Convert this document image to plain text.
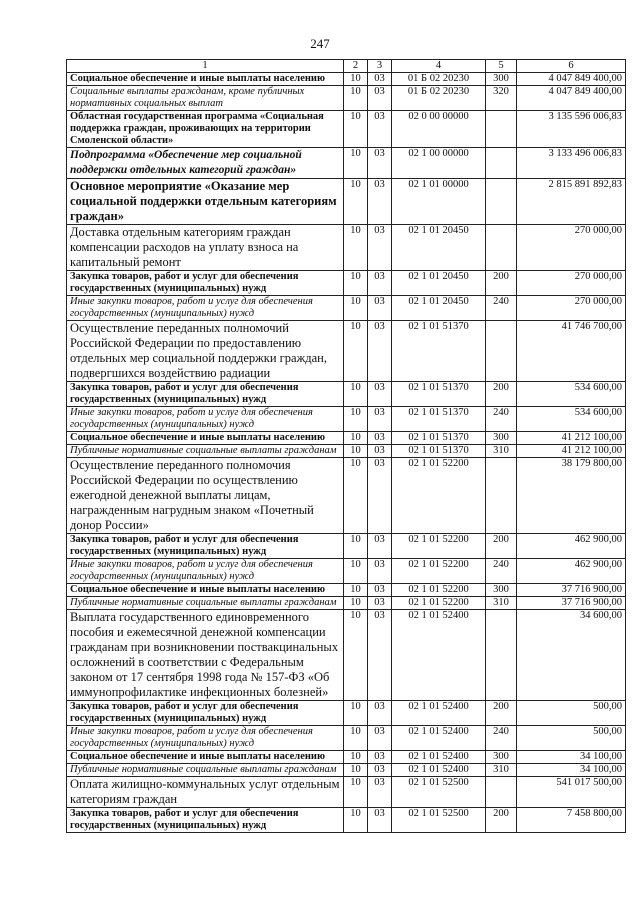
247
1	2	3	4	5	6
Социальное обеспечение и иные выплаты населению	10	03	01 Б 02 20230	300	4 047 849 400,00
Социальные выплаты гражданам, кроме публичных нормативных социальных выплат	10	03	01 Б 02 20230	320	4 047 849 400,00
Областная государственная программа «Социальная поддержка граждан, проживающих на территории Смоленской области»	10	03	02 0 00 00000		3 135 596 006,83
Подпрограмма «Обеспечение мер социальной поддержки отдельных категорий граждан»	10	03	02 1 00 00000		3 133 496 006,83
Основное мероприятие «Оказание мер социальной поддержки отдельным категориям граждан»	10	03	02 1 01 00000		2 815 891 892,83
Доставка отдельным категориям граждан компенсации расходов на уплату взноса на капитальный ремонт	10	03	02 1 01 20450		270 000,00
Закупка товаров, работ и услуг для обеспечения государственных (муниципальных) нужд	10	03	02 1 01 20450	200	270 000,00
Иные закупки товаров, работ и услуг для обеспечения государственных (муниципальных) нужд	10	03	02 1 01 20450	240	270 000,00
Осуществление переданных полномочий Российской Федерации по предоставлению отдельных мер социальной поддержки граждан, подвергшихся воздействию радиации	10	03	02 1 01 51370		41 746 700,00
Закупка товаров, работ и услуг для обеспечения государственных (муниципальных) нужд	10	03	02 1 01 51370	200	534 600,00
Иные закупки товаров, работ и услуг для обеспечения государственных (муниципальных) нужд	10	03	02 1 01 51370	240	534 600,00
Социальное обеспечение и иные выплаты населению	10	03	02 1 01 51370	300	41 212 100,00
Публичные нормативные социальные выплаты гражданам	10	03	02 1 01 51370	310	41 212 100,00
Осуществление переданного полномочия Российской Федерации по осуществлению ежегодной денежной выплаты лицам, награжденным нагрудным знаком «Почетный донор России»	10	03	02 1 01 52200		38 179 800,00
Закупка товаров, работ и услуг для обеспечения государственных (муниципальных) нужд	10	03	02 1 01 52200	200	462 900,00
Иные закупки товаров, работ и услуг для обеспечения государственных (муниципальных) нужд	10	03	02 1 01 52200	240	462 900,00
Социальное обеспечение и иные выплаты населению	10	03	02 1 01 52200	300	37 716 900,00
Публичные нормативные социальные выплаты гражданам	10	03	02 1 01 52200	310	37 716 900,00
Выплата государственного единовременного пособия и ежемесячной денежной компенсации гражданам при возникновении поствакцинальных осложнений в соответствии с Федеральным законом от 17 сентября 1998 года № 157-ФЗ «Об иммунопрофилактике инфекционных болезней»	10	03	02 1 01 52400		34 600,00
Закупка товаров, работ и услуг для обеспечения государственных (муниципальных) нужд	10	03	02 1 01 52400	200	500,00
Иные закупки товаров, работ и услуг для обеспечения государственных (муниципальных) нужд	10	03	02 1 01 52400	240	500,00
Социальное обеспечение и иные выплаты населению	10	03	02 1 01 52400	300	34 100,00
Публичные нормативные социальные выплаты гражданам	10	03	02 1 01 52400	310	34 100,00
Оплата жилищно-коммунальных услуг отдельным категориям граждан	10	03	02 1 01 52500		541 017 500,00
Закупка товаров, работ и услуг для обеспечения государственных (муниципальных) нужд	10	03	02 1 01 52500	200	7 458 800,00
